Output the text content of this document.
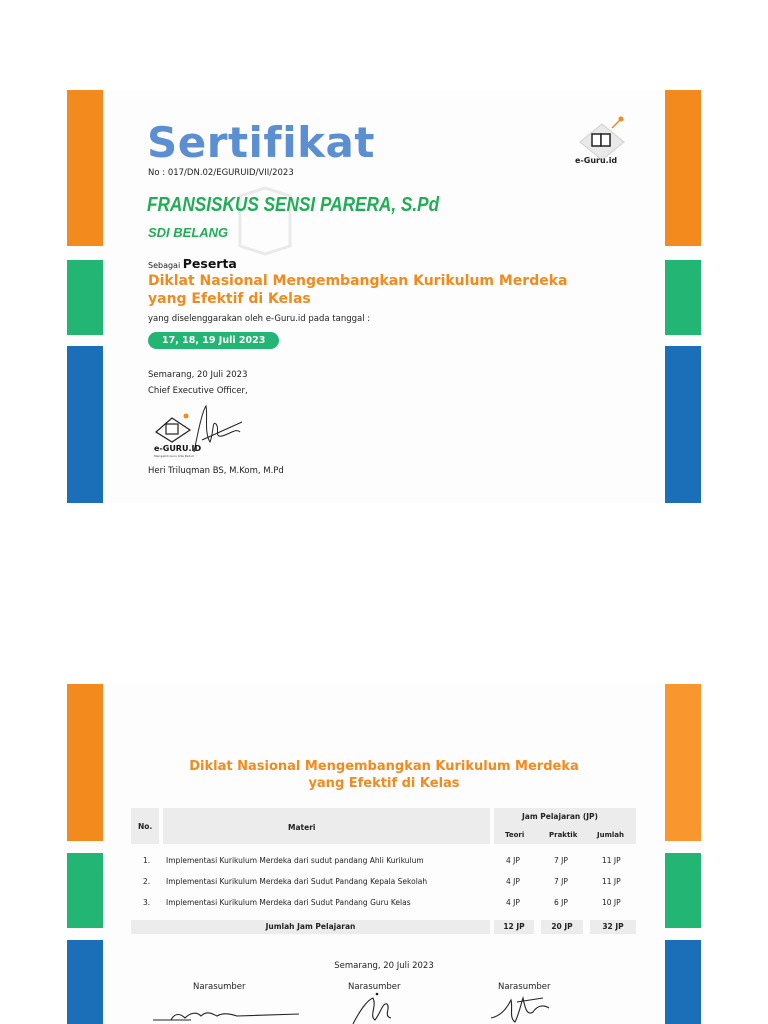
Sertifikat
No : 017/DN.02/EGURUID/VII/2023
FRANSISKUS SENSI PARERA, S.Pd
SDI BELANG
Sebagai Peserta
Diklat Nasional Mengembangkan Kurikulum Merdeka
yang Efektif di Kelas
yang diselenggarakan oleh e-Guru.id pada tanggal :
17, 18, 19 Juli 2023
Semarang, 20 Juli 2023
Chief Executive Officer,
e-GURU.ID
Mengabdi Guru Kita Peduli
Heri Triluqman BS, M.Kom, M.Pd
e-Guru.id
Diklat Nasional Mengembangkan Kurikulum Merdeka
yang Efektif di Kelas
No.	Materi
Jam Pelajaran (JP)
Teori	Praktik	Jumlah
1. Implementasi Kurikulum Merdeka dari sudut pandang Ahli Kurikulum	4 JP	7 JP	11 JP
2. Implementasi Kurikulum Merdeka dari Sudut Pandang Kepala Sekolah	4 JP	7 JP	11 JP
3. Implementasi Kurikulum Merdeka dari Sudut Pandang Guru Kelas	4 JP	6 JP	10 JP
Jumlah Jam Pelajaran	12 JP	20 JP	32 JP
Semarang, 20 Juli 2023
Narasumber	Narasumber	Narasumber
